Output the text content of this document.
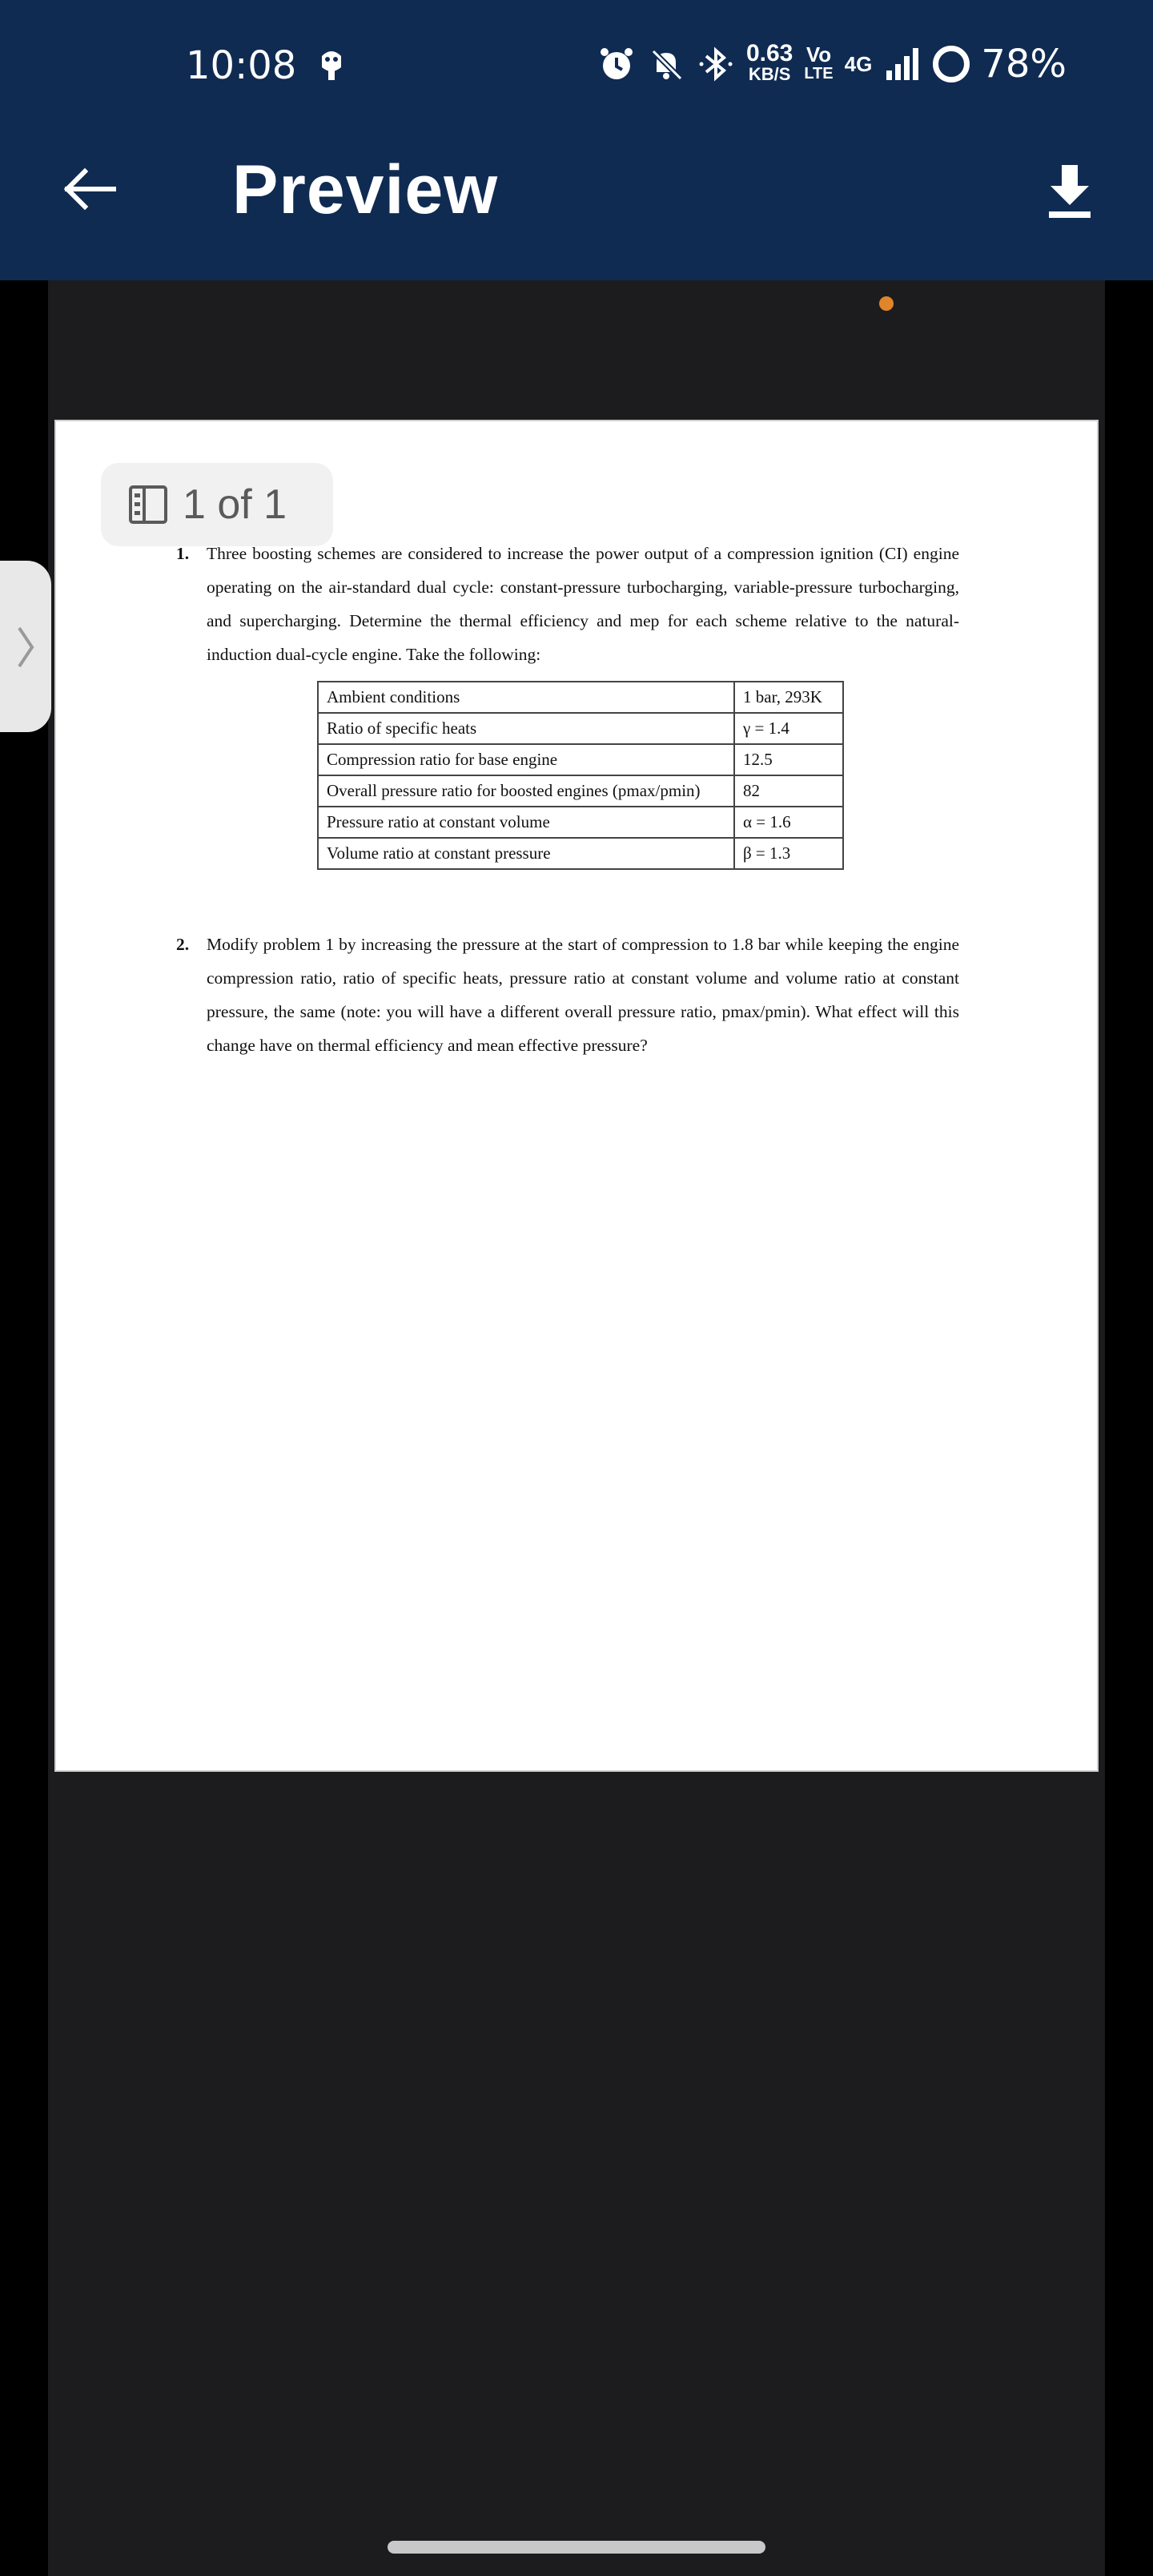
10:08	0.63
KB/S
Vo
LTE 4G	78%
Preview
1 of 1
1. Three boosting schemes are considered to increase the power output of a compression ignition (CI) engine operating on the air-standard dual cycle: constant-pressure turbocharging, variable-pressure turbocharging, and supercharging. Determine the thermal efficiency and mep for each scheme relative to the natural-induction dual-cycle engine. Take the following:
Ambient conditions	1 bar, 293K
Ratio of specific heats	γ = 1.4
Compression ratio for base engine	12.5
Overall pressure ratio for boosted engines (pmax/pmin)	82
Pressure ratio at constant volume	α = 1.6
Volume ratio at constant pressure	β = 1.3
2. Modify problem 1 by increasing the pressure at the start of compression to 1.8 bar while keeping the engine compression ratio, ratio of specific heats, pressure ratio at constant volume and volume ratio at constant pressure, the same (note: you will have a different overall pressure ratio, pmax/pmin). What effect will this change have on thermal efficiency and mean effective pressure?
